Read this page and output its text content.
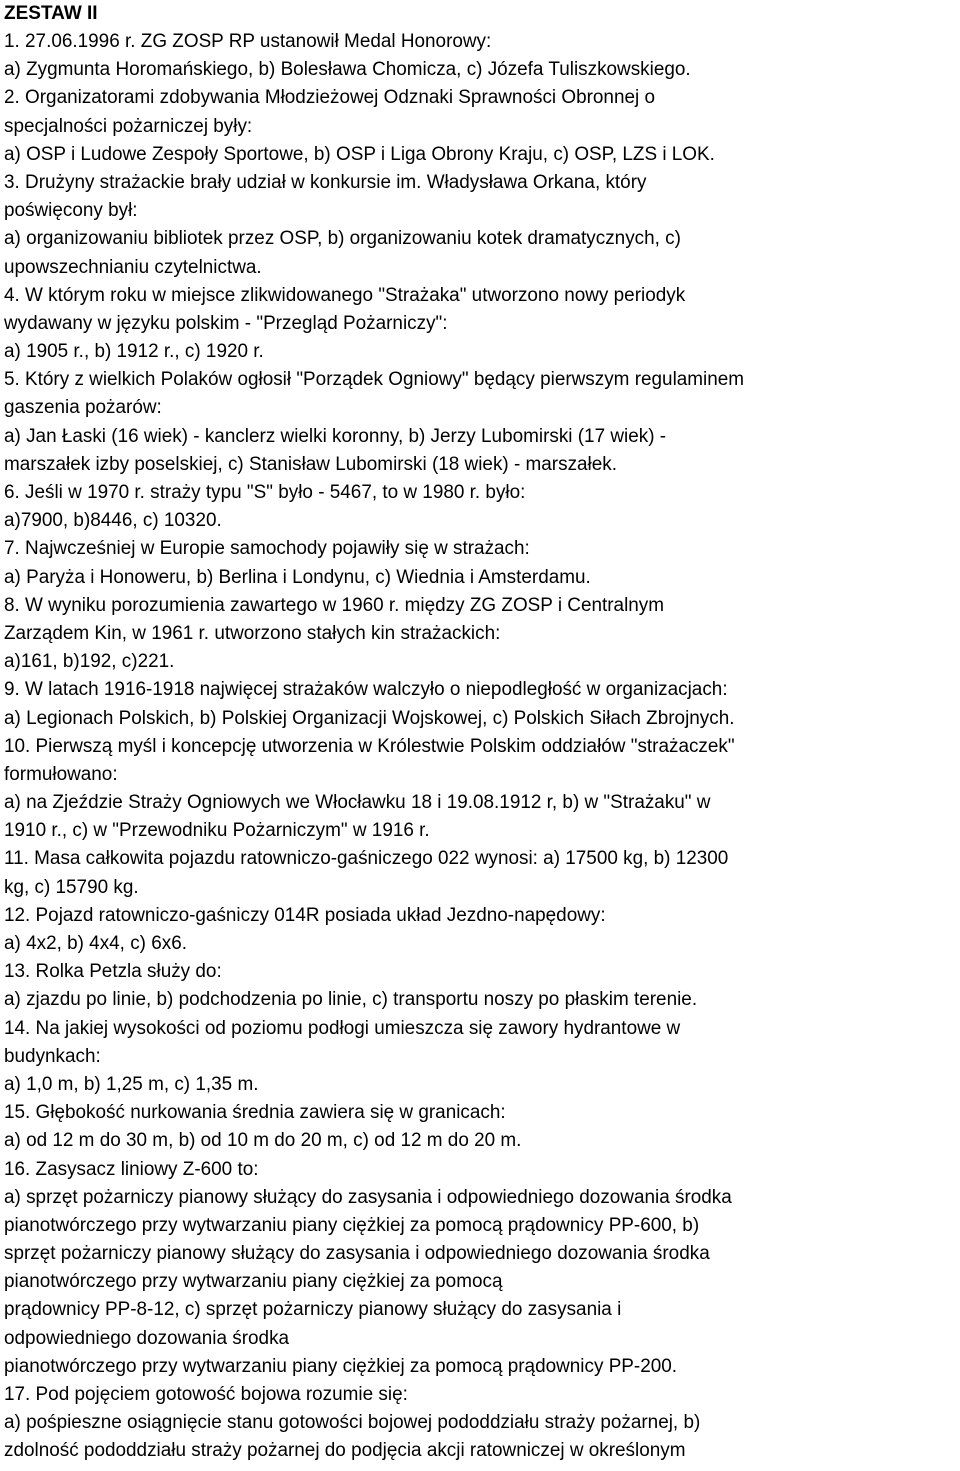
ZESTAW II
1. 27.06.1996 r. ZG ZOSP RP ustanowił Medal Honorowy:
a) Zygmunta Horomańskiego, b) Bolesława Chomicza, c) Józefa Tuliszkowskiego.
2. Organizatorami zdobywania Młodzieżowej Odznaki Sprawności Obronnej o
specjalności pożarniczej były:
a) OSP i Ludowe Zespoły Sportowe, b) OSP i Liga Obrony Kraju, c) OSP, LZS i LOK.
3. Drużyny strażackie brały udział w konkursie im. Władysława Orkana, który
poświęcony był:
a) organizowaniu bibliotek przez OSP, b) organizowaniu kotek dramatycznych, c)
upowszechnianiu czytelnictwa.
4. W którym roku w miejsce zlikwidowanego "Strażaka" utworzono nowy periodyk
wydawany w języku polskim - "Przegląd Pożarniczy":
a) 1905 r., b) 1912 r., c) 1920 r.
5. Który z wielkich Polaków ogłosił "Porządek Ogniowy" będący pierwszym regulaminem
gaszenia pożarów:
a) Jan Łaski (16 wiek) - kanclerz wielki koronny, b) Jerzy Lubomirski (17 wiek) -
marszałek izby poselskiej, c) Stanisław Lubomirski (18 wiek) - marszałek.
6. Jeśli w 1970 r. straży typu "S" było - 5467, to w 1980 r. było:
a)7900, b)8446, c) 10320.
7. Najwcześniej w Europie samochody pojawiły się w strażach:
a) Paryża i Honoweru, b) Berlina i Londynu, c) Wiednia i Amsterdamu.
8. W wyniku porozumienia zawartego w 1960 r. między ZG ZOSP i Centralnym
Zarządem Kin, w 1961 r. utworzono stałych kin strażackich:
a)161, b)192, c)221.
9. W latach 1916-1918 najwięcej strażaków walczyło o niepodległość w organizacjach:
a) Legionach Polskich, b) Polskiej Organizacji Wojskowej, c) Polskich Siłach Zbrojnych.
10. Pierwszą myśl i koncepcję utworzenia w Królestwie Polskim oddziałów "strażaczek"
formułowano:
a) na Zjeździe Straży Ogniowych we Włocławku 18 i 19.08.1912 r, b) w "Strażaku" w
1910 r., c) w "Przewodniku Pożarniczym" w 1916 r.
11. Masa całkowita pojazdu ratowniczo-gaśniczego 022 wynosi: a) 17500 kg, b) 12300
kg, c) 15790 kg.
12. Pojazd ratowniczo-gaśniczy 014R posiada układ Jezdno-napędowy:
a) 4x2, b) 4x4, c) 6x6.
13. Rolka Petzla służy do:
a) zjazdu po linie, b) podchodzenia po linie, c) transportu noszy po płaskim terenie.
14. Na jakiej wysokości od poziomu podłogi umieszcza się zawory hydrantowe w
budynkach:
a) 1,0 m, b) 1,25 m, c) 1,35 m.
15. Głębokość nurkowania średnia zawiera się w granicach:
a) od 12 m do 30 m, b) od 10 m do 20 m, c) od 12 m do 20 m.
16. Zasysacz liniowy Z-600 to:
a) sprzęt pożarniczy pianowy służący do zasysania i odpowiedniego dozowania środka
pianotwórczego przy wytwarzaniu piany ciężkiej za pomocą prądownicy PP-600, b)
sprzęt pożarniczy pianowy służący do zasysania i odpowiedniego dozowania środka
pianotwórczego przy wytwarzaniu piany ciężkiej za pomocą
prądownicy PP-8-12, c) sprzęt pożarniczy pianowy służący do zasysania i
odpowiedniego dozowania środka
pianotwórczego przy wytwarzaniu piany ciężkiej za pomocą prądownicy PP-200.
17. Pod pojęciem gotowość bojowa rozumie się:
a) pośpieszne osiągnięcie stanu gotowości bojowej pododdziału straży pożarnej, b)
zdolność pododdziału straży pożarnej do podjęcia akcji ratowniczej w określonym
